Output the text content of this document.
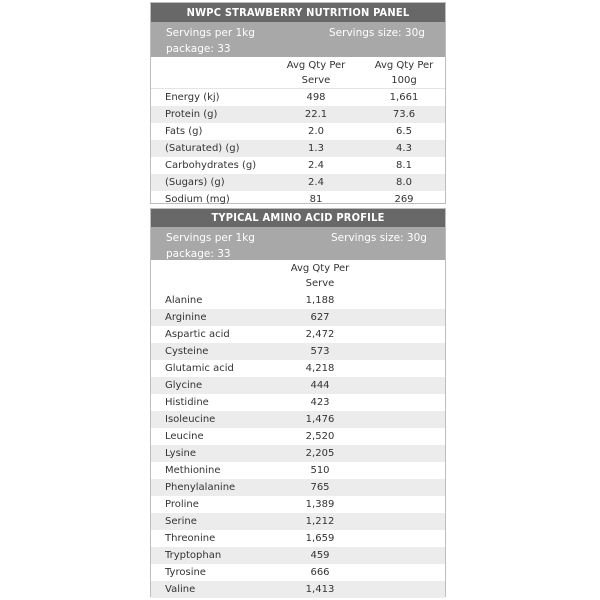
NWPC STRAWBERRY NUTRITION PANEL
Servings per 1kg
package: 33
Servings size: 30g
Avg Qty Per
Serve
Avg Qty Per
100g
Energy (kj)	498	1,661
Protein (g)	22.1	73.6
Fats (g)	2.0	6.5
(Saturated) (g)	1.3	4.3
Carbohydrates (g)	2.4	8.1
(Sugars) (g)	2.4	8.0
Sodium (mg)	81	269
TYPICAL AMINO ACID PROFILE
Servings per 1kg
package: 33
Servings size: 30g
Avg Qty Per
Serve
Alanine	1,188
Arginine	627
Aspartic acid	2,472
Cysteine	573
Glutamic acid	4,218
Glycine	444
Histidine	423
Isoleucine	1,476
Leucine	2,520
Lysine	2,205
Methionine	510
Phenylalanine	765
Proline	1,389
Serine	1,212
Threonine	1,659
Tryptophan	459
Tyrosine	666
Valine	1,413
